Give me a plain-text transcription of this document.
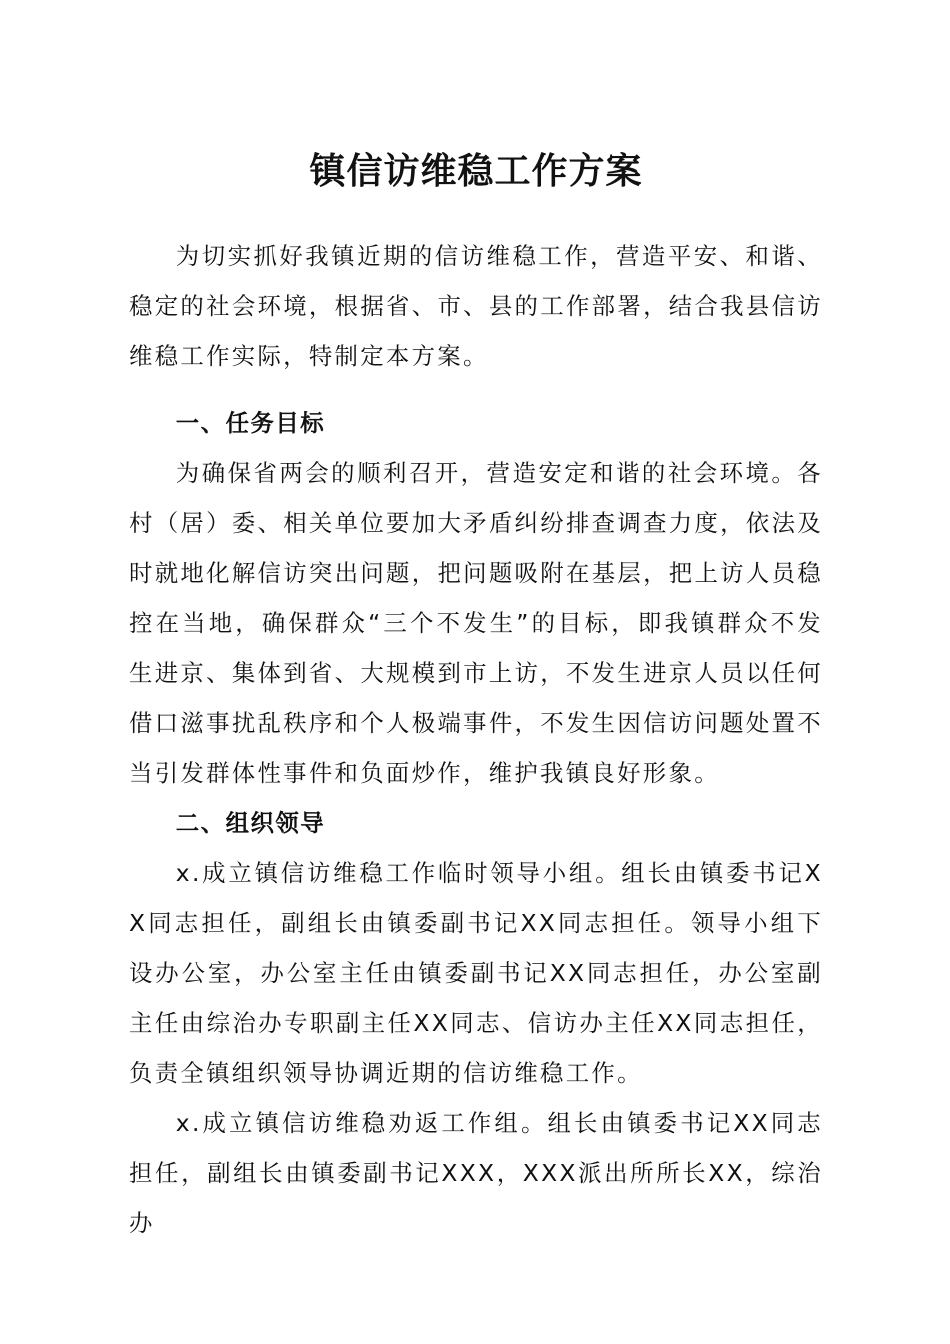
镇信访维稳工作方案
为切实抓好我镇近期的信访维稳工作，营造平安、和谐、稳定的社会环境，根据省、市、县的工作部署，结合我县信访维稳工作实际，特制定本方案。
一、任务目标
为确保省两会的顺利召开，营造安定和谐的社会环境。各村（居）委、相关单位要加大矛盾纠纷排查调查力度，依法及时就地化解信访突出问题，把问题吸附在基层，把上访人员稳控在当地，确保群众“三个不发生”的目标，即我镇群众不发生进京、集体到省、大规模到市上访，不发生进京人员以任何借口滋事扰乱秩序和个人极端事件，不发生因信访问题处置不当引发群体性事件和负面炒作，维护我镇良好形象。
二、组织领导
x.成立镇信访维稳工作临时领导小组。组长由镇委书记XX同志担任，副组长由镇委副书记XX同志担任。领导小组下设办公室，办公室主任由镇委副书记XX同志担任，办公室副主任由综治办专职副主任XX同志、信访办主任XX同志担任，负责全镇组织领导协调近期的信访维稳工作。
x.成立镇信访维稳劝返工作组。组长由镇委书记XX同志担任，副组长由镇委副书记XXX，XXX派出所所长XX，综治办
